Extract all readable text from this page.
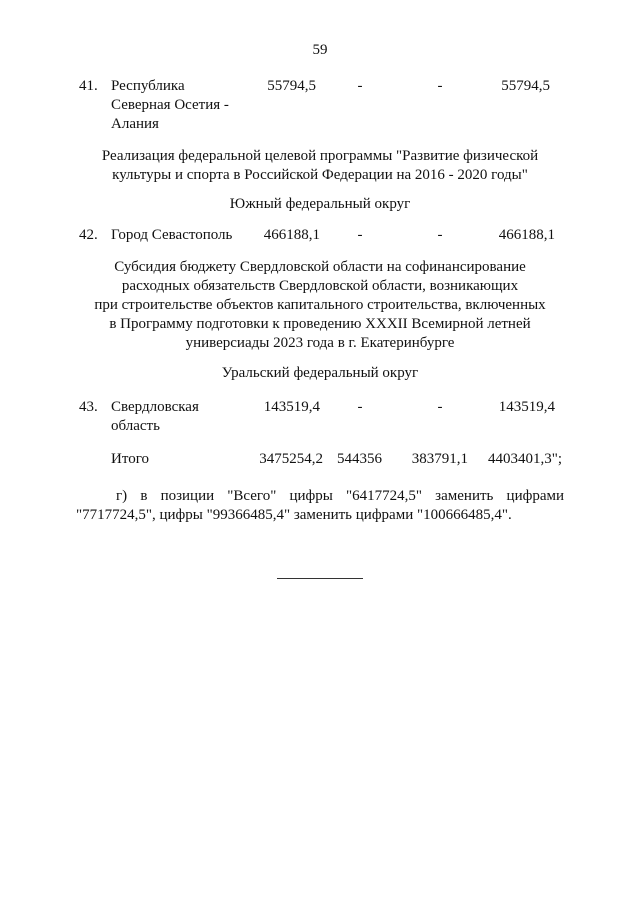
59
41. Республика
Северная Осетия -
Алания
55794,5	-	-	55794,5
Реализация федеральной целевой программы "Развитие физической
культуры и спорта в Российской Федерации на 2016 - 2020 годы"
Южный федеральный округ
42. Город Севастополь	466188,1	-	-	466188,1
Субсидия бюджету Свердловской области на софинансирование
расходных обязательств Свердловской области, возникающих
при строительстве объектов капитального строительства, включенных
в Программу подготовки к проведению XXXII Всемирной летней
универсиады 2023 года в г. Екатеринбурге
Уральский федеральный округ
43. Свердловская
область
143519,4	-	-	143519,4
Итого	3475254,2 544356	383791,1 4403401,3";
г) в позиции "Всего" цифры "6417724,5" заменить цифрами
"7717724,5", цифры "99366485,4" заменить цифрами "100666485,4".
